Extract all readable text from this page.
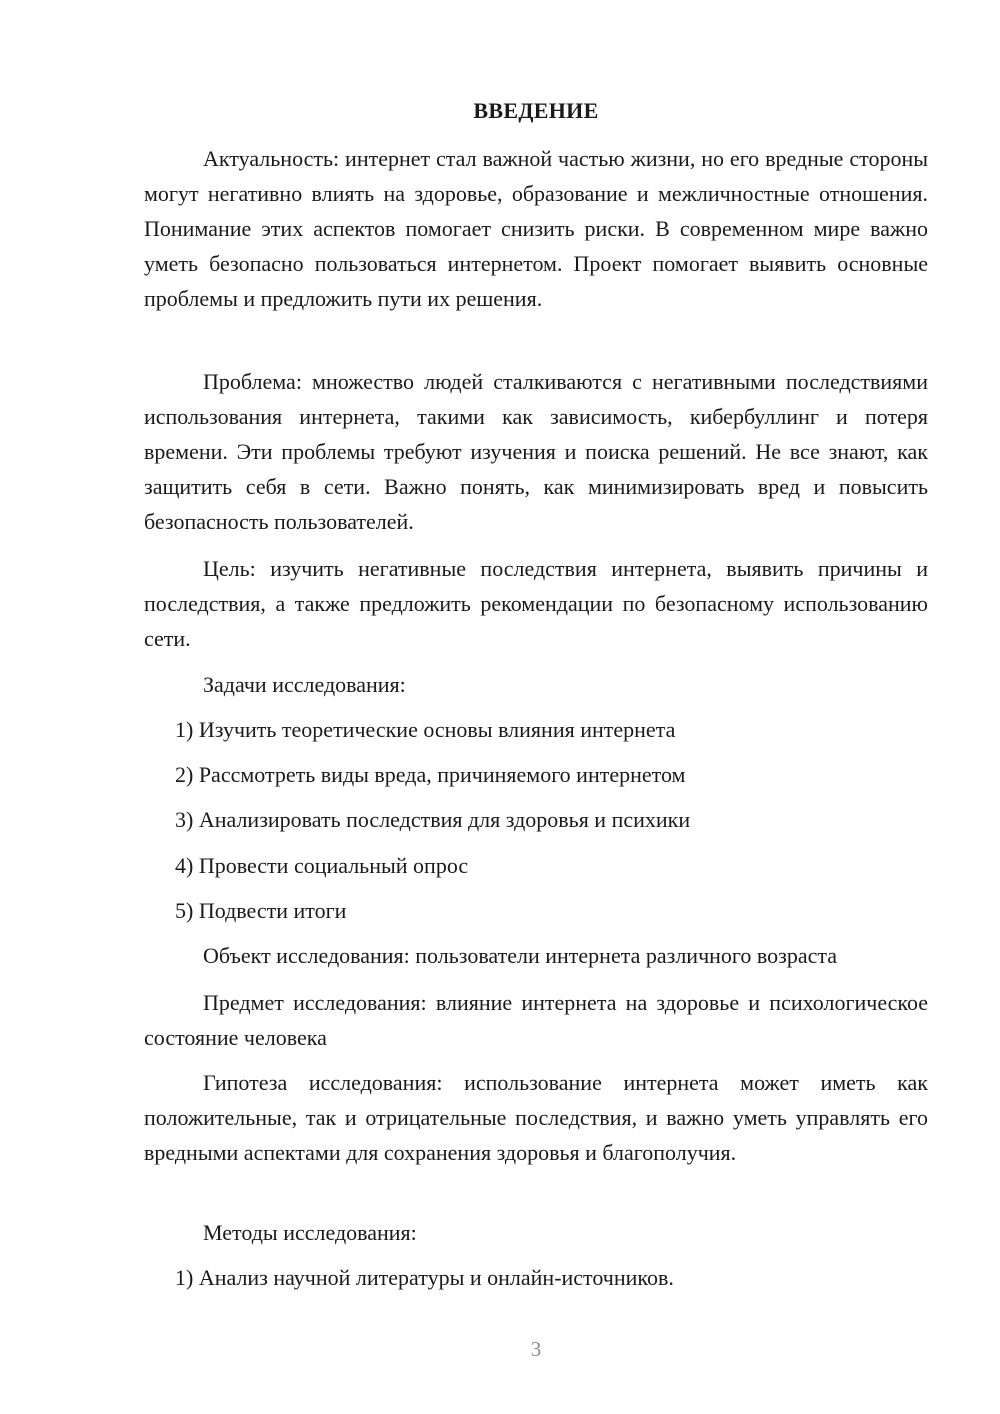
ВВЕДЕНИЕ

Актуальность: интернет стал важной частью жизни, но его вредные стороны могут негативно влиять на здоровье, образование и межличностные отношения. Понимание этих аспектов помогает снизить риски. В современном мире важно уметь безопасно пользоваться интернетом. Проект помогает выявить основные проблемы и предложить пути их решения.

Проблема: множество людей сталкиваются с негативными последствиями использования интернета, такими как зависимость, кибербуллинг и потеря времени. Эти проблемы требуют изучения и поиска решений. Не все знают, как защитить себя в сети. Важно понять, как минимизировать вред и повысить безопасность пользователей.

Цель: изучить негативные последствия интернета, выявить причины и последствия, а также предложить рекомендации по безопасному использованию сети.

Задачи исследования:

1) Изучить теоретические основы влияния интернета
2) Рассмотреть виды вреда, причиняемого интернетом
3) Анализировать последствия для здоровья и психики
4) Провести социальный опрос
5) Подвести итоги

Объект исследования: пользователи интернета различного возраста

Предмет исследования: влияние интернета на здоровье и психологическое состояние человека

Гипотеза исследования: использование интернета может иметь как положительные, так и отрицательные последствия, и важно уметь управлять его вредными аспектами для сохранения здоровья и благополучия.

Методы исследования:

1) Анализ научной литературы и онлайн-источников.
3
